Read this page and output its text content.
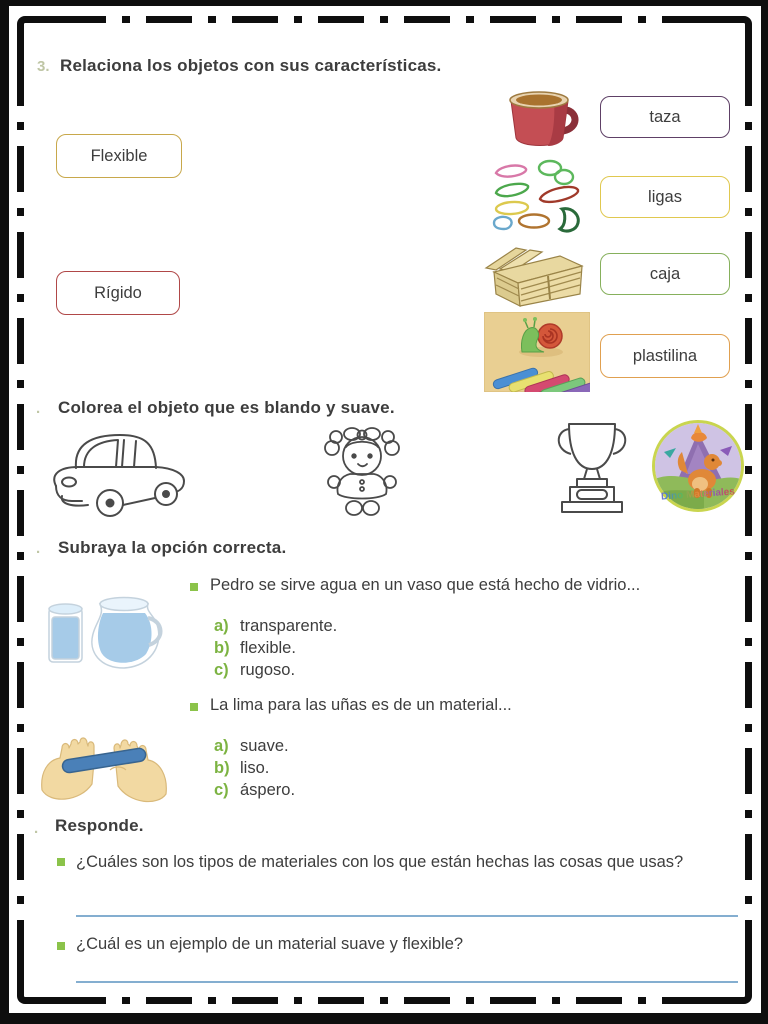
3. Relaciona los objetos con sus características.
Flexible
Rígido
taza
ligas
caja
plastilina
. Colorea el objeto que es blando y suave.
Dino Materiales
. Subraya la opción correcta.
Pedro se sirve agua en un vaso que está hecho de vidrio...
a) transparente.
b) flexible.
c) rugoso.
La lima para las uñas es de un material...
a) suave.
b) liso.
c) áspero.
. Responde.
¿Cuáles son los tipos de materiales con los que están hechas las cosas que usas?
¿Cuál es un ejemplo de un material suave y flexible?
